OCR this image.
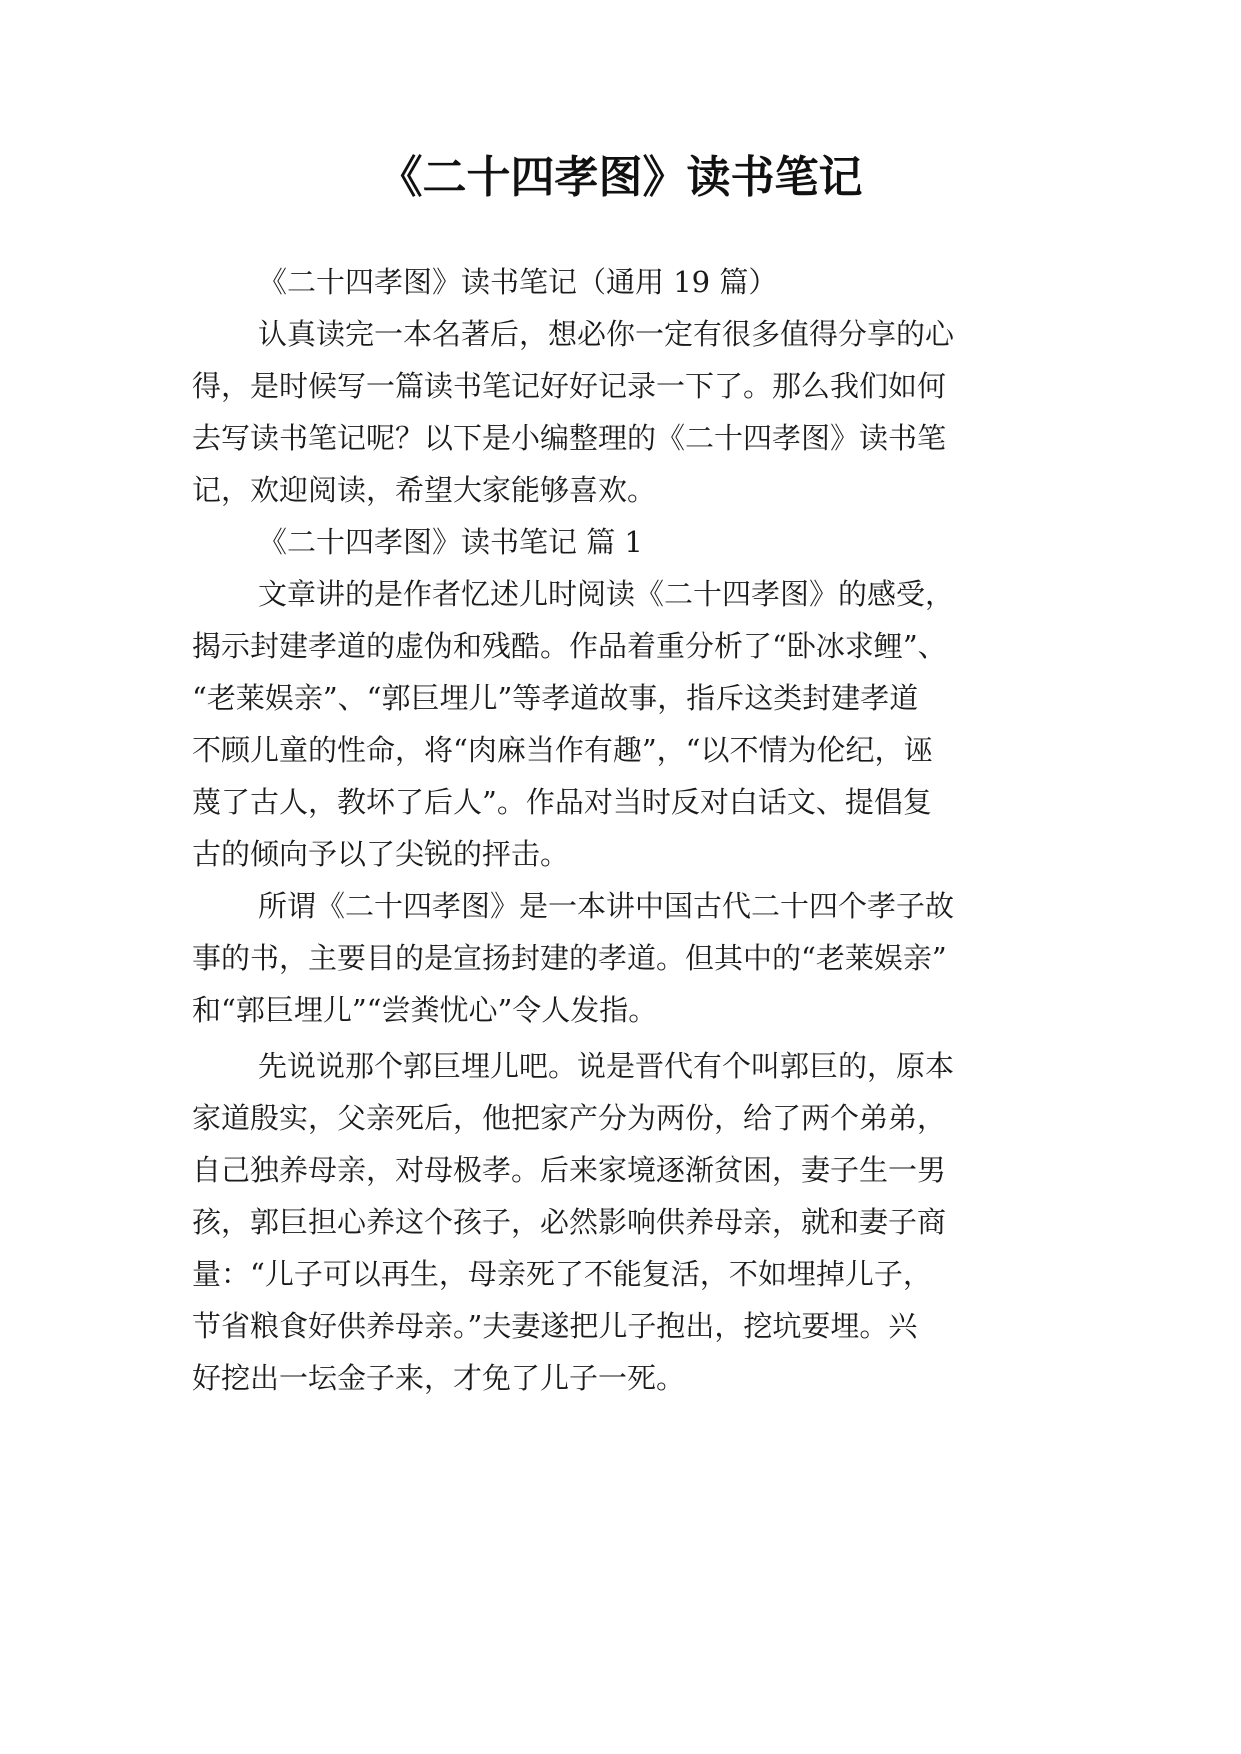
《二十四孝图》读书笔记
《二十四孝图》读书笔记（通用 19 篇）
认真读完一本名著后，想必你一定有很多值得分享的心
得，是时候写一篇读书笔记好好记录一下了。那么我们如何
去写读书笔记呢？以下是小编整理的《二十四孝图》读书笔
记，欢迎阅读，希望大家能够喜欢。
《二十四孝图》读书笔记 篇 1
文章讲的是作者忆述儿时阅读《二十四孝图》的感受，
揭示封建孝道的虚伪和残酷。作品着重分析了“卧冰求鲤”、
“老莱娱亲”、“郭巨埋儿”等孝道故事，指斥这类封建孝道
不顾儿童的性命，将“肉麻当作有趣”，“以不情为伦纪，诬
蔑了古人，教坏了后人”。作品对当时反对白话文、提倡复
古的倾向予以了尖锐的抨击。
所谓《二十四孝图》是一本讲中国古代二十四个孝子故
事的书，主要目的是宣扬封建的孝道。但其中的“老莱娱亲”
和“郭巨埋儿”“尝粪忧心”令人发指。
先说说那个郭巨埋儿吧。说是晋代有个叫郭巨的，原本
家道殷实，父亲死后，他把家产分为两份，给了两个弟弟，
自己独养母亲，对母极孝。后来家境逐渐贫困，妻子生一男
孩，郭巨担心养这个孩子，必然影响供养母亲，就和妻子商
量：“儿子可以再生，母亲死了不能复活，不如埋掉儿子，
节省粮食好供养母亲。”夫妻遂把儿子抱出，挖坑要埋。兴
好挖出一坛金子来，才免了儿子一死。
